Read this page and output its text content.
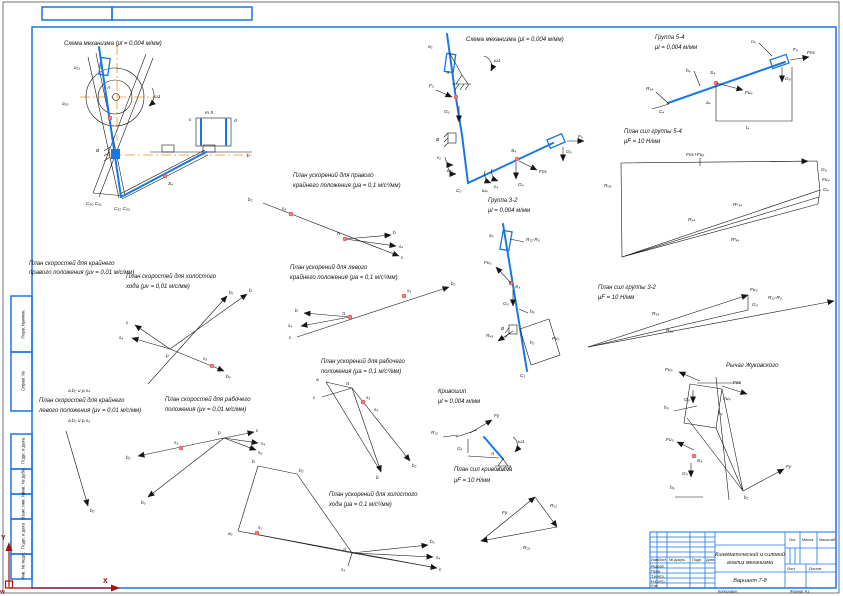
Перв. примен.
Справ. №
Подп. и дата
Инв. № дубл.
Взам. инв. №
Подп. и дата
Инв. № подл.
Y
X
W
Изм.
Лист № докум. Подп. Дата
Разраб.
Пров.
Т.контр.
Н.контр.
Утв.
Кинематический и силовой
анализ механизма
Вариант 7-8
Лит. Масса Масштаб
Лист	Листов
Копировал	Формат A1
Схема механизма (μl = 0,004 м/мм)
a₂₁
a₂₀
A
ω1
B
C₅₀ C₅₁
C₅₂ C₅₃
S₄
m 5
c	d
b
Схема механизма (μl = 0,004 м/мм)
a₂
A
ω1
F₃
G₃
B
ε₂
ω₂
C₀	ω₄
ε₄
S₄
Fпс
G₄
G₅
F₅
Группа 5-4
μl = 0,004 м/мм
R₃₄
C₄
S₄
Fи₄
h₄
a₄
t₄
n₅
G₅
F₅
Fпс
План сил группы 5-4
μF = 10 Н/мм
Fпс+Fи₅
R₀₅
G₅
Fи₄
G₄
Rⁿ₃₄
R₃₄
Rᵗ₃₄
Группа 3-2
μl = 0,004 м/мм
R₂₁-R₀
a₂
Fи₃
S₃
G₃
h₃
B
R₄₃
h₂
Fи₂
C₁
План сил группы 3-2
μF = 10 Н/мм
R₄₃
Fи₃
G₃
R₀₃
R₂₁-R₀
Рычаг Жуковского
Fи₅
G₅
Fпс
Fи₄
h₅
h₄
Fи₃
S₃
G₃
h₃
Fу
b₂
Кривошип
μl = 0,004 м/мм
ω1
Fу
R₂₁
G₁
A
План сил кривошипа
μF = 10 Н/мм
Fу
R₂₁
R₀₁
План скоростей для крайнего
правого положения (μv = 0,01 м/с/мм)
a,b₂ и p,s₄
b₂
План скоростей для холостого
хода (μv = 0,01 м/с/мм)
b
c
s₄
p
s₃
b₃
План скоростей для крайнего
левого положения (μv = 0,01 м/с/мм)
a,b₂ и p,s₄
b₂
План скоростей для рабочего
положения (μv = 0,01 м/с/мм)
p	c
s₄
s₅
s₃
b₂
b₃
План ускорений для правого
крайнего положения (μa = 0,1 м/с²/мм)
b₂
s₃
π	b
s₄
c
План ускорений для левого
крайнего положения (μa = 0,1 м/с²/мм)
b₂
s₃
π
b
s₄
c
План ускорений для рабочего
положения (μa = 0,1 м/с²/мм)
π
a
c	s₃
s₄
b₂
b
План ускорений для холостого
хода (μa = 0,1 м/с²/мм)
b
b₂
a₂
s₂
π
s₃
b₃
s₄
c
